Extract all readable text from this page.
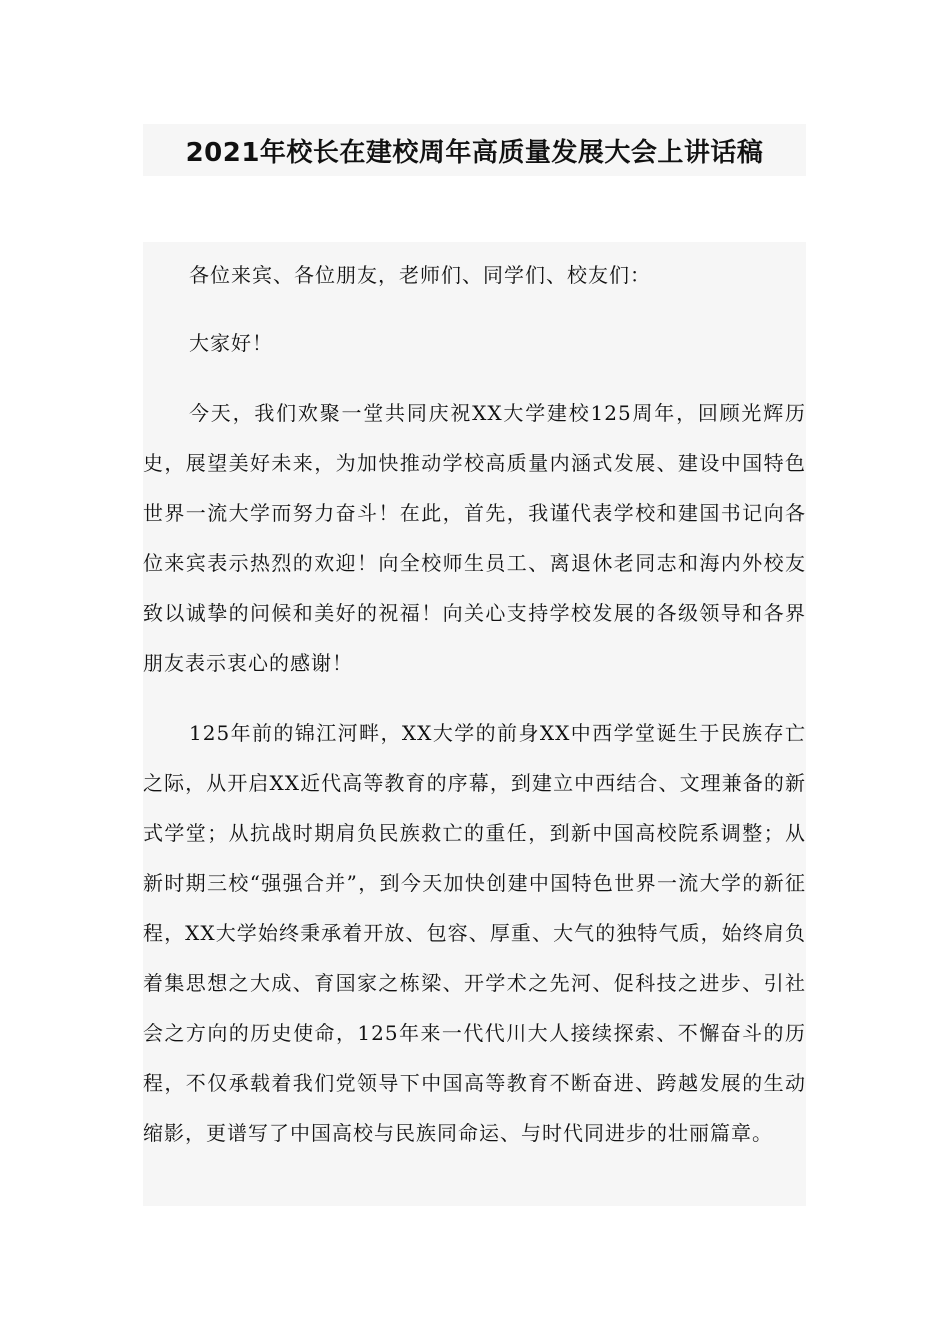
2021年校长在建校周年高质量发展大会上讲话稿

各位来宾、各位朋友，老师们、同学们、校友们：

大家好！

今天，我们欢聚一堂共同庆祝XX大学建校125周年，回顾光辉历史，展望美好未来，为加快推动学校高质量内涵式发展、建设中国特色世界一流大学而努力奋斗！在此，首先，我谨代表学校和建国书记向各位来宾表示热烈的欢迎！向全校师生员工、离退休老同志和海内外校友致以诚挚的问候和美好的祝福！向关心支持学校发展的各级领导和各界朋友表示衷心的感谢！

125年前的锦江河畔，XX大学的前身XX中西学堂诞生于民族存亡之际，从开启XX近代高等教育的序幕，到建立中西结合、文理兼备的新式学堂；从抗战时期肩负民族救亡的重任，到新中国高校院系调整；从新时期三校“强强合并”，到今天加快创建中国特色世界一流大学的新征程，XX大学始终秉承着开放、包容、厚重、大气的独特气质，始终肩负着集思想之大成、育国家之栋梁、开学术之先河、促科技之进步、引社会之方向的历史使命，125年来一代代川大人接续探索、不懈奋斗的历程，不仅承载着我们党领导下中国高等教育不断奋进、跨越发展的生动缩影，更谱写了中国高校与民族同命运、与时代同进步的壮丽篇章。
